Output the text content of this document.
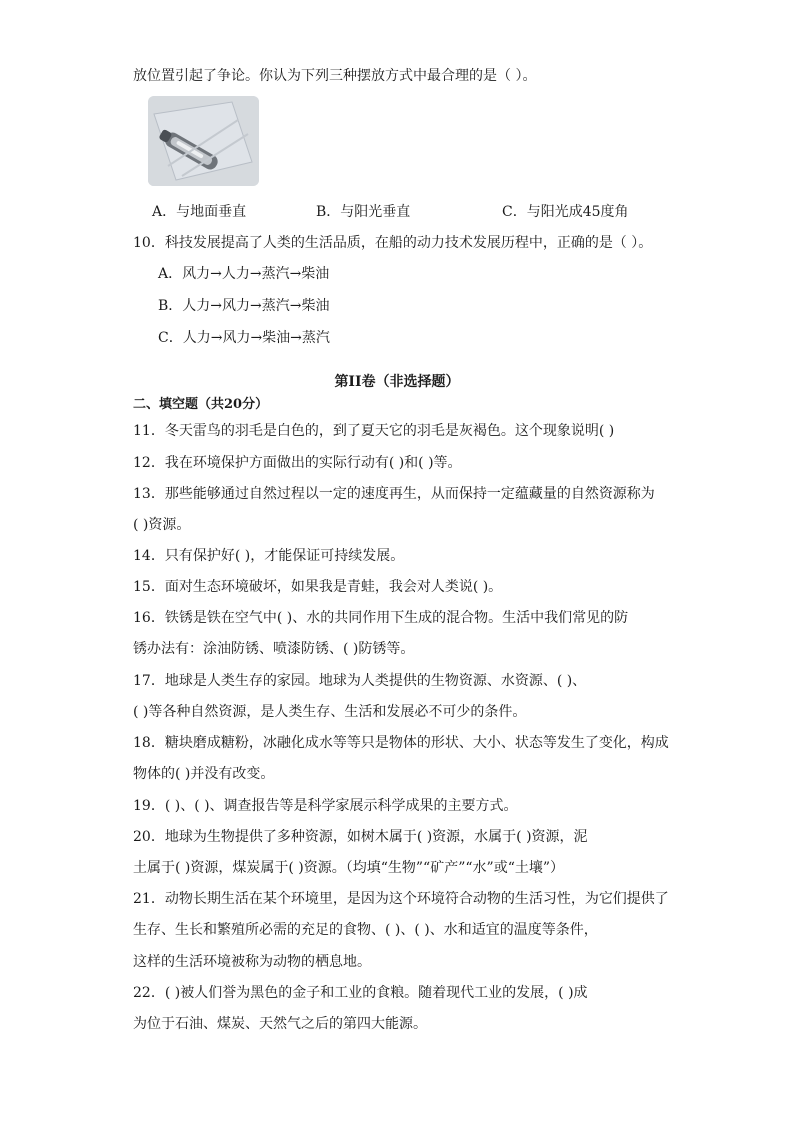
放位置引起了争论。你认为下列三种摆放方式中最合理的是（ ）。
A．与地面垂直	B．与阳光垂直	C．与阳光成45度角
10．科技发展提高了人类的生活品质，在船的动力技术发展历程中，正确的是（ ）。
A．风力→人力→蒸汽→柴油
B．人力→风力→蒸汽→柴油
C．人力→风力→柴油→蒸汽
第II卷（非选择题）
二、填空题（共20分）
11．冬天雷鸟的羽毛是白色的，到了夏天它的羽毛是灰褐色。这个现象说明( )
12．我在环境保护方面做出的实际行动有( )和( )等。
13．那些能够通过自然过程以一定的速度再生，从而保持一定蕴藏量的自然资源称为
( )资源。
14．只有保护好( )，才能保证可持续发展。
15．面对生态环境破坏，如果我是青蛙，我会对人类说( )。
16．铁锈是铁在空气中( )、水的共同作用下生成的混合物。生活中我们常见的防
锈办法有：涂油防锈、喷漆防锈、( )防锈等。
17．地球是人类生存的家园。地球为人类提供的生物资源、水资源、( )、
( )等各种自然资源，是人类生存、生活和发展必不可少的条件。
18．糖块磨成糖粉，冰融化成水等等只是物体的形状、大小、状态等发生了变化，构成
物体的( )并没有改变。
19．( )、( )、调查报告等是科学家展示科学成果的主要方式。
20．地球为生物提供了多种资源，如树木属于( )资源，水属于( )资源，泥
土属于( )资源，煤炭属于( )资源。（均填“生物”“矿产”“水”或“土壤”）
21．动物长期生活在某个环境里，是因为这个环境符合动物的生活习性，为它们提供了
生存、生长和繁殖所必需的充足的食物、( )、( )、水和适宜的温度等条件，
这样的生活环境被称为动物的栖息地。
22．( )被人们誉为黑色的金子和工业的食粮。随着现代工业的发展，( )成
为位于石油、煤炭、天然气之后的第四大能源。
